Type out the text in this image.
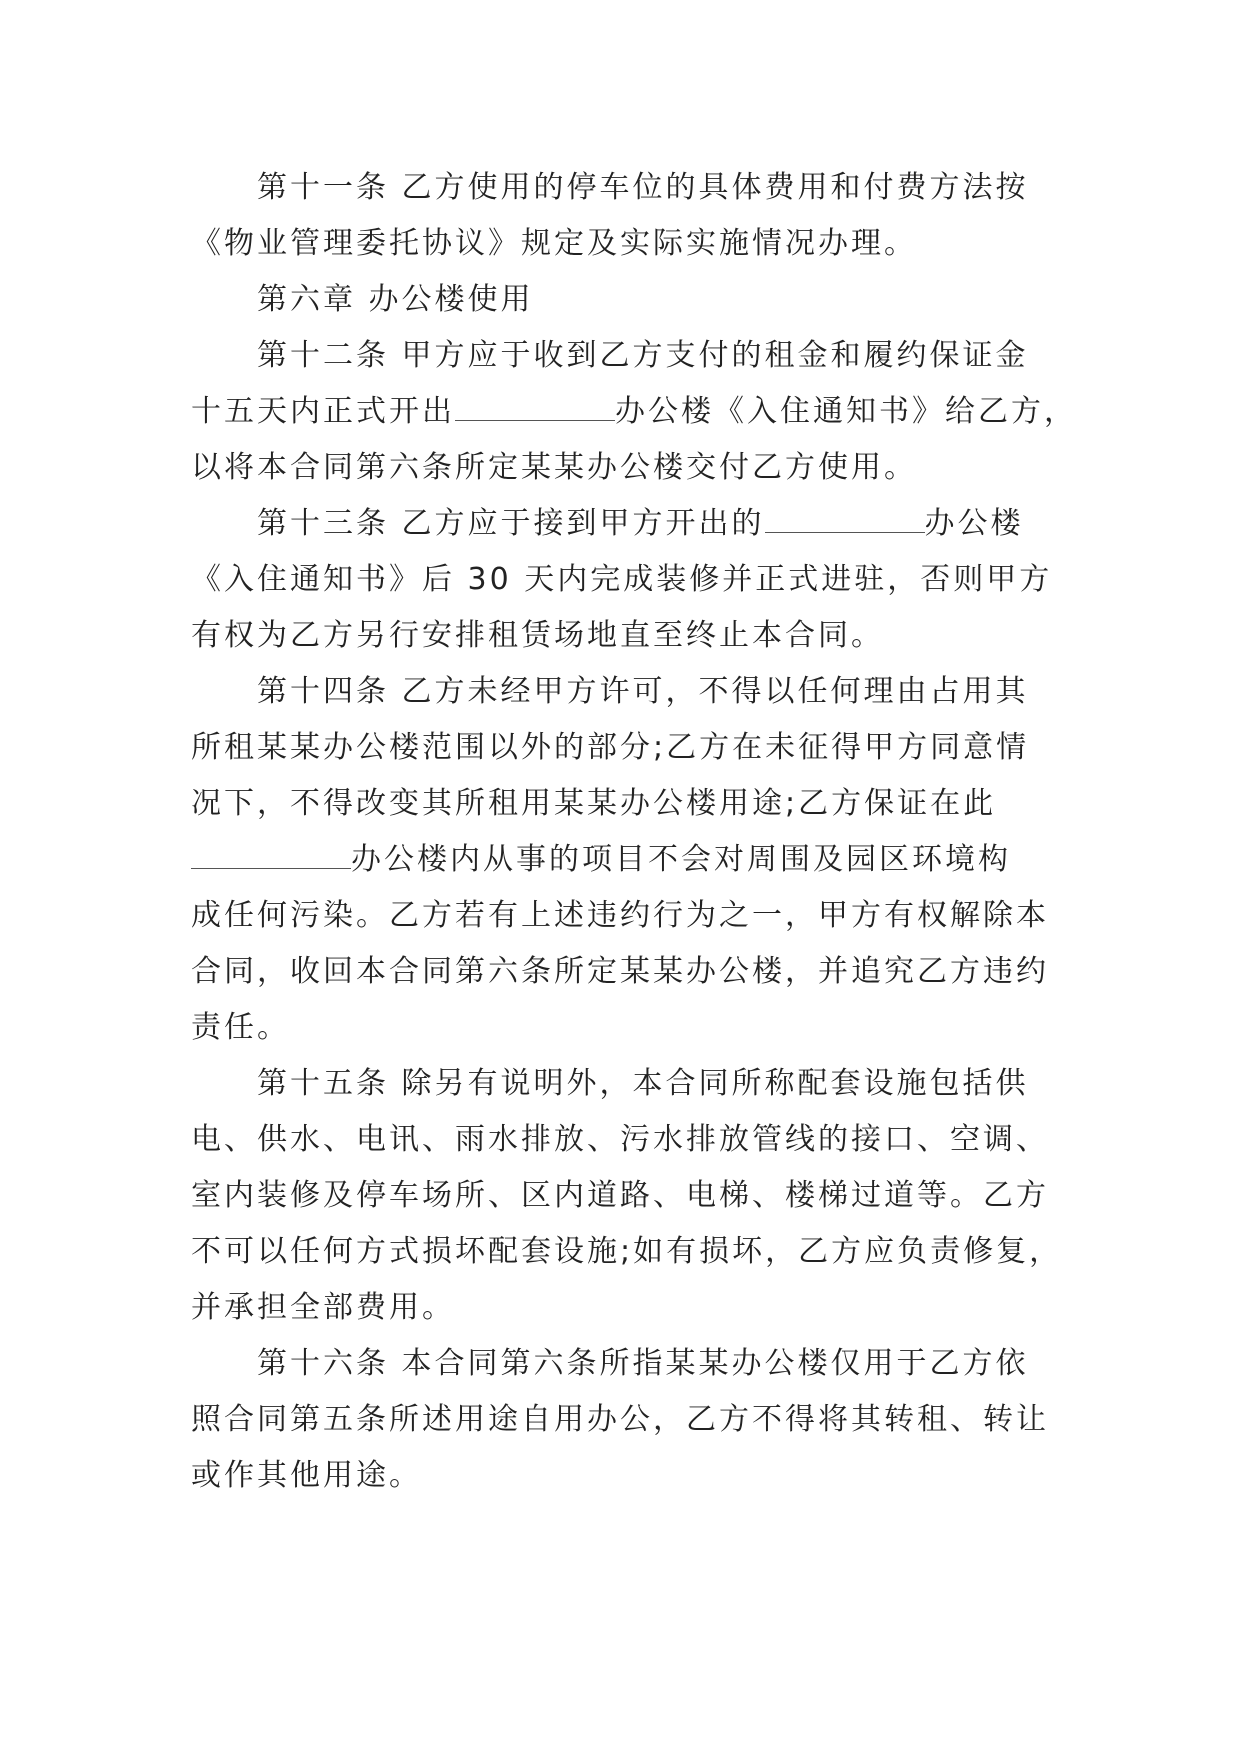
第十一条 乙方使用的停车位的具体费用和付费方法按
《物业管理委托协议》规定及实际实施情况办理。
第六章 办公楼使用
第十二条 甲方应于收到乙方支付的租金和履约保证金
十五天内正式开出	办公楼《入住通知书》给乙方，
以将本合同第六条所定某某办公楼交付乙方使用。
第十三条 乙方应于接到甲方开出的	办公楼
《入住通知书》后 30 天内完成装修并正式进驻，否则甲方
有权为乙方另行安排租赁场地直至终止本合同。
第十四条 乙方未经甲方许可，不得以任何理由占用其
所租某某办公楼范围以外的部分;乙方在未征得甲方同意情
况下，不得改变其所租用某某办公楼用途;乙方保证在此
办公楼内从事的项目不会对周围及园区环境构
成任何污染。乙方若有上述违约行为之一，甲方有权解除本
合同，收回本合同第六条所定某某办公楼，并追究乙方违约
责任。
第十五条 除另有说明外，本合同所称配套设施包括供
电、供水、电讯、雨水排放、污水排放管线的接口、空调、
室内装修及停车场所、区内道路、电梯、楼梯过道等。乙方
不可以任何方式损坏配套设施;如有损坏，乙方应负责修复，
并承担全部费用。
第十六条 本合同第六条所指某某办公楼仅用于乙方依
照合同第五条所述用途自用办公，乙方不得将其转租、转让
或作其他用途。
